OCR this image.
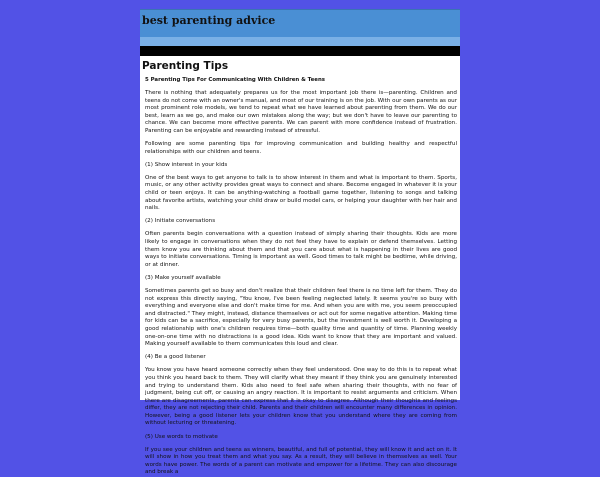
best parenting advice
Parenting Tips
5 Parenting Tips For Communicating With Children & Teens

There is nothing that adequately prepares us for the most important job there is—parenting. Children and teens do not come with an owner's manual, and most of our training is on the job. With our own parents as our most prominent role models, we tend to repeat what we have learned about parenting from them. We do our best, learn as we go, and make our own mistakes along the way; but we don't have to leave our parenting to chance. We can become more effective parents. We can parent with more confidence instead of frustration. Parenting can be enjoyable and rewarding instead of stressful.

Following are some parenting tips for improving communication and building healthy and respectful relationships with our children and teens.

(1) Show interest in your kids

One of the best ways to get anyone to talk is to show interest in them and what is important to them. Sports, music, or any other activity provides great ways to connect and share. Become engaged in whatever it is your child or teen enjoys. It can be anything-watching a football game together, listening to songs and talking about favorite artists, watching your child draw or build model cars, or helping your daughter with her hair and nails.

(2) Initiate conversations

Often parents begin conversations with a question instead of simply sharing their thoughts. Kids are more likely to engage in conversations when they do not feel they have to explain or defend themselves. Letting them know you are thinking about them and that you care about what is happening in their lives are good ways to initiate conversations. Timing is important as well. Good times to talk might be bedtime, while driving, or at dinner.

(3) Make yourself available

Sometimes parents get so busy and don't realize that their children feel there is no time left for them. They do not express this directly saying, "You know, I've been feeling neglected lately. It seems you're so busy with everything and everyone else and don't make time for me. And when you are with me, you seem preoccupied and distracted." They might, instead, distance themselves or act out for some negative attention. Making time for kids can be a sacrifice, especially for very busy parents, but the investment is well worth it. Developing a good relationship with one's children requires time—both quality time and quantity of time. Planning weekly one-on-one time with no distractions is a good idea. Kids want to know that they are important and valued. Making yourself available to them communicates this loud and clear.

(4) Be a good listener

You know you have heard someone correctly when they feel understood. One way to do this is to repeat what you think you heard back to them. They will clarify what they meant if they think you are genuinely interested and trying to understand them. Kids also need to feel safe when sharing their thoughts, with no fear of judgment, being cut off, or causing an angry reaction. It is important to resist arguments and criticism. When there are disagreements, parents can express that it is okay to disagree. Although their thoughts and feelings differ, they are not rejecting their child. Parents and their children will encounter many differences in opinion. However, being a good listener lets your children know that you understand where they are coming from without lecturing or threatening.

(5) Use words to motivate

If you see your children and teens as winners, beautiful, and full of potential, they will know it and act on it. It will show in how you treat them and what you say. As a result, they will believe in themselves as well. Your words have power. The words of a parent can motivate and empower for a lifetime. They can also discourage and break a
